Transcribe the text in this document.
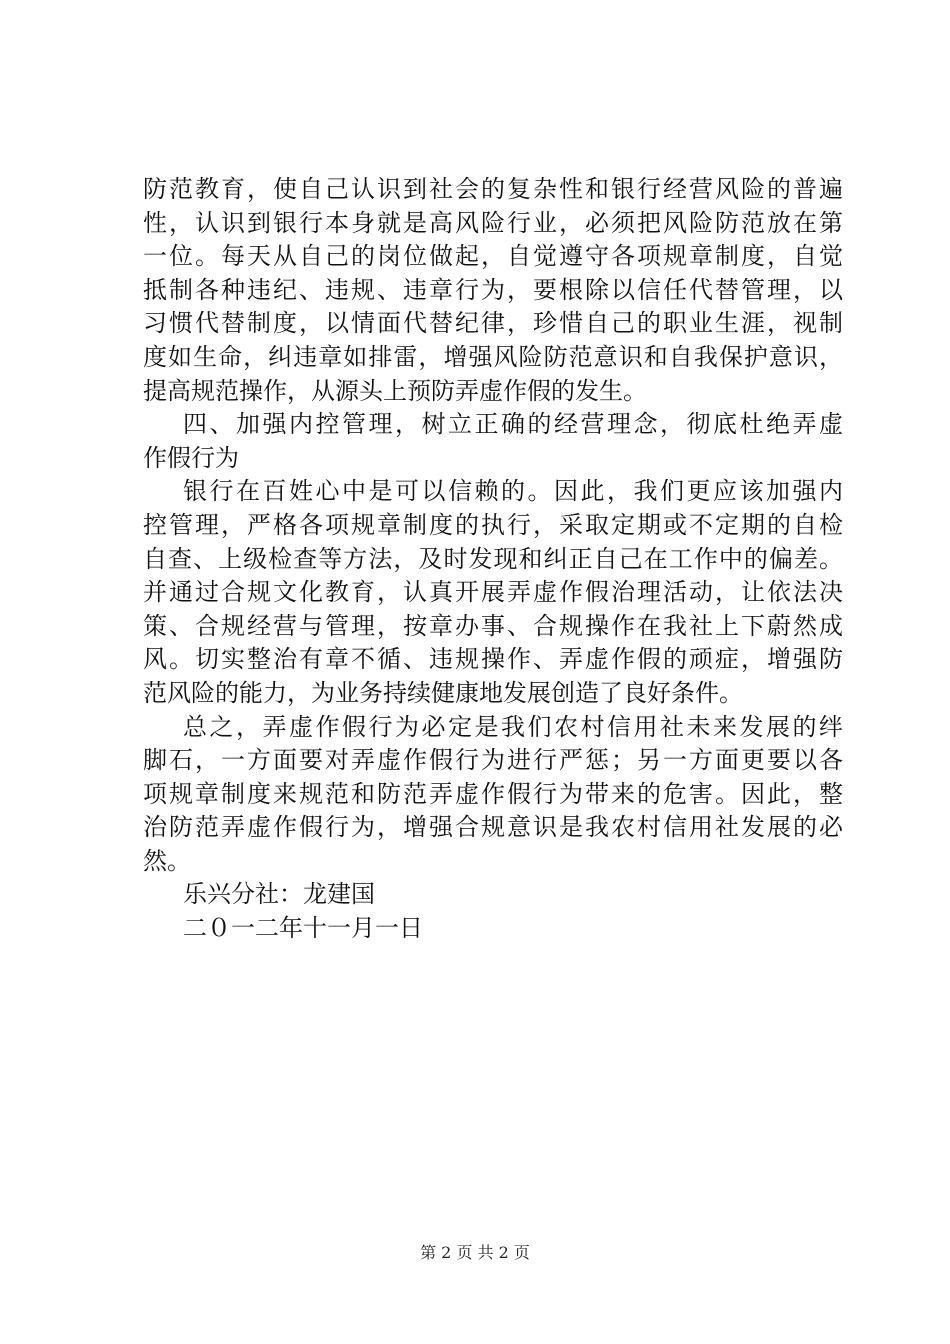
防范教育，使自己认识到社会的复杂性和银行经营风险的普遍
性，认识到银行本身就是高风险行业，必须把风险防范放在第
一位。每天从自己的岗位做起，自觉遵守各项规章制度，自觉
抵制各种违纪、违规、违章行为，要根除以信任代替管理，以
习惯代替制度，以情面代替纪律，珍惜自己的职业生涯，视制
度如生命，纠违章如排雷，增强风险防范意识和自我保护意识，
提高规范操作，从源头上预防弄虚作假的发生。
四、加强内控管理，树立正确的经营理念，彻底杜绝弄虚
作假行为
银行在百姓心中是可以信赖的。因此，我们更应该加强内
控管理，严格各项规章制度的执行，采取定期或不定期的自检
自查、上级检查等方法，及时发现和纠正自己在工作中的偏差。
并通过合规文化教育，认真开展弄虚作假治理活动，让依法决
策、合规经营与管理，按章办事、合规操作在我社上下蔚然成
风。切实整治有章不循、违规操作、弄虚作假的顽症，增强防
范风险的能力，为业务持续健康地发展创造了良好条件。
总之，弄虚作假行为必定是我们农村信用社未来发展的绊
脚石，一方面要对弄虚作假行为进行严惩；另一方面更要以各
项规章制度来规范和防范弄虚作假行为带来的危害。因此，整
治防范弄虚作假行为，增强合规意识是我农村信用社发展的必
然。
乐兴分社：龙建国
二０一二年十一月一日
第 2 页 共 2 页
